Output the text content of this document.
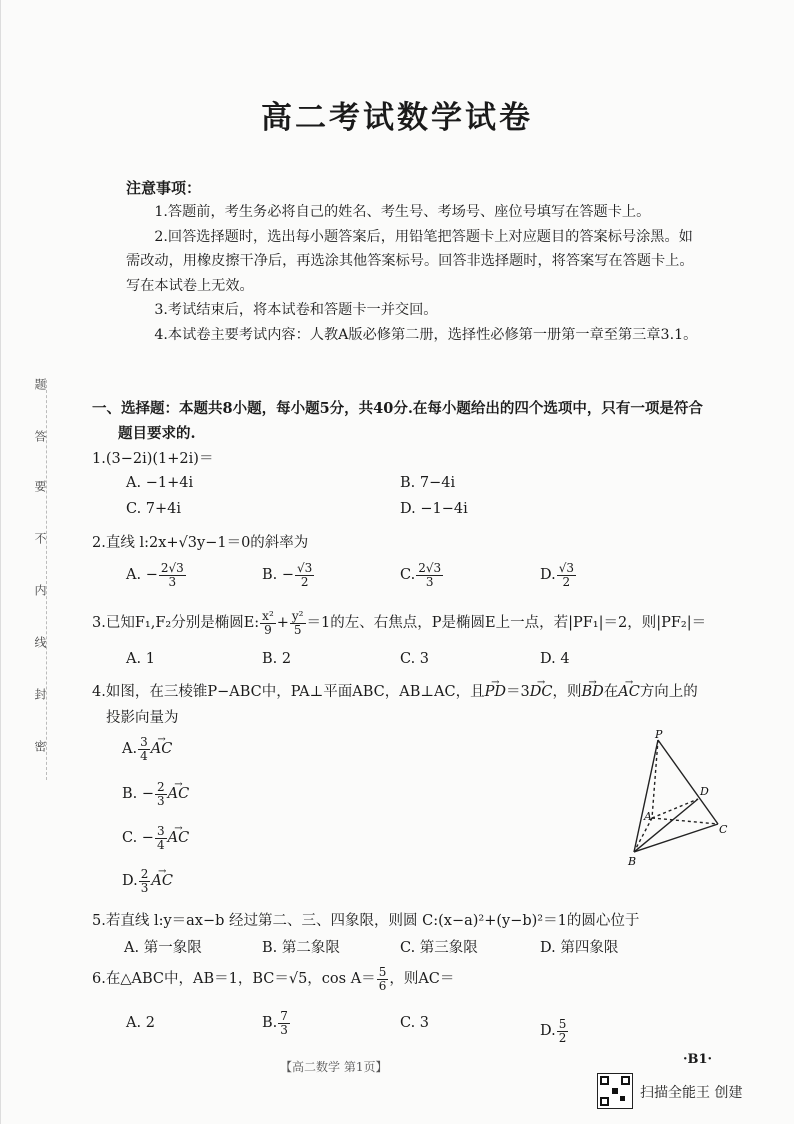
高二考试数学试卷
题
答
要
不
内
线
封
密
注意事项：

1.答题前，考生务必将自己的姓名、考生号、考场号、座位号填写在答题卡上。

2.回答选择题时，选出每小题答案后，用铅笔把答题卡上对应题目的答案标号涂黑。如需改动，用橡皮擦干净后，再选涂其他答案标号。回答非选择题时，将答案写在答题卡上。写在本试卷上无效。

3.考试结束后，将本试卷和答题卡一并交回。

4.本试卷主要考试内容：人教A版必修第二册，选择性必修第一册第一章至第三章3.1。

一、选择题：本题共8小题，每小题5分，共40分.在每小题给出的四个选项中，只有一项是符合
题目要求的.
1.(3−2i)(1+2i)＝
A. −1+4i	B. 7−4i
C. 7+4i	D. −1−4i
2.直线 l:2x+√3y−1＝0的斜率为
A. − $\frac{2√3}{3}$	B. − $\frac{√3}{2}$	C. $\frac{2√3}{3}$	D. $\frac{√3}{2}$
3.已知F₁,F₂分别是椭圆E: $\frac{\text{x²}}{9} + \frac{\text{y²}}{5} =1$的左、右焦点，P是椭圆E上一点，若|PF₁|＝2，则|PF₂|＝
A. 1	B. 2	C. 3	D. 4
4.如图，在三棱锥P−ABC中，PA⊥平面ABC，AB⊥AC，且→ PD＝3→ DC，则→ BD在→ AC方向上的
投影向量为
A. $\frac{3}{4}$ → AC
B. − $\frac{2}{3}$ → AC
C. − $\frac{3}{4}$ → AC
D. $\frac{2}{3}$ → AC
P
A
B
C
D
5.若直线 l:y＝ax−b 经过第二、三、四象限，则圆 C:(x−a)²+(y−b)²＝1的圆心位于
A. 第一象限	B. 第二象限	C. 第三象限	D. 第四象限
6.在△ABC中，AB＝1，BC＝√5，$\cos A= \frac{5}{6}$ ，则AC＝
A. 2	B. $\frac{7}{3}$	C. 3
D. $\frac{5}{2}$
【高二数学 第1页】	·B1·
扫描全能王 创建
